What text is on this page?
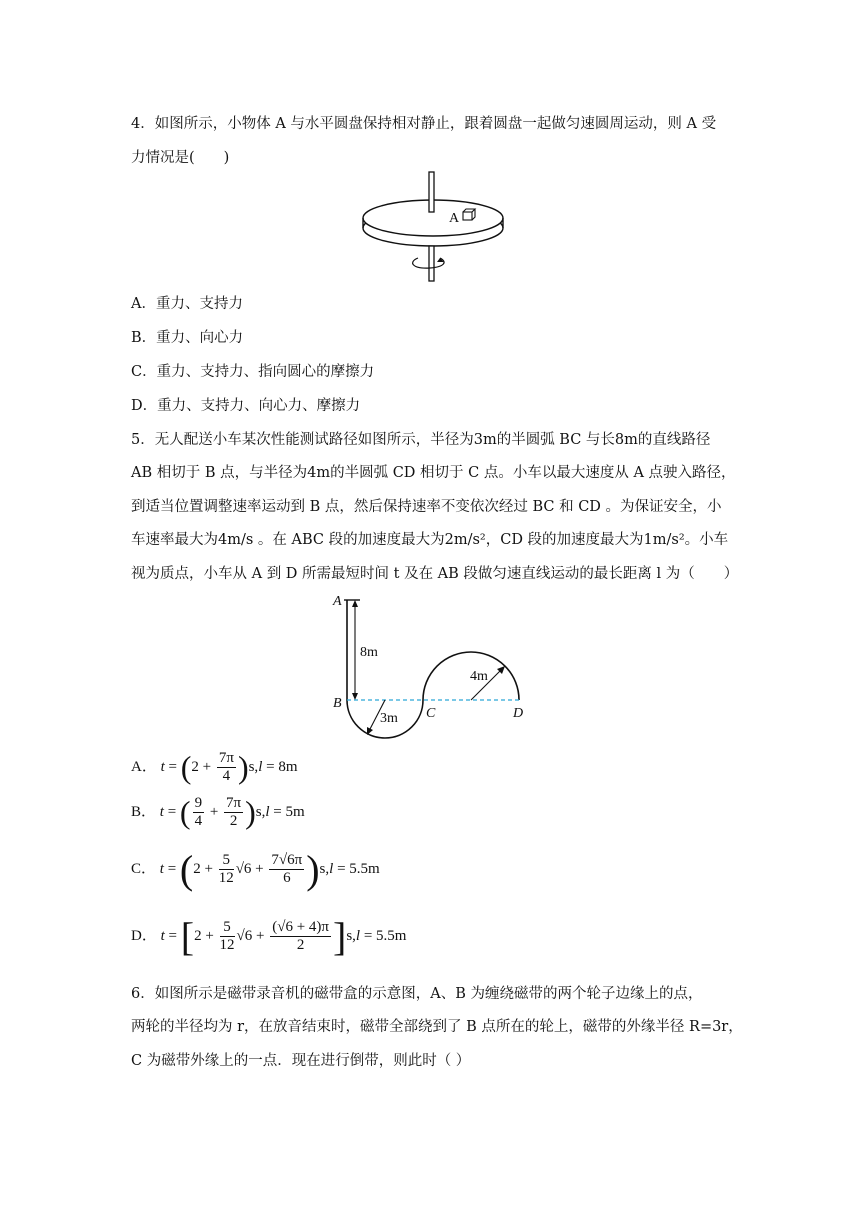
4．如图所示，小物体 A 与水平圆盘保持相对静止，跟着圆盘一起做匀速圆周运动，则 A 受
力情况是(　　)
A
A．重力、支持力
B．重力、向心力
C．重力、支持力、指向圆心的摩擦力
D．重力、支持力、向心力、摩擦力
5．无人配送小车某次性能测试路径如图所示，半径为3m的半圆弧 BC 与长8m的直线路径
AB 相切于 B 点，与半径为4m的半圆弧 CD 相切于 C 点。小车以最大速度从 A 点驶入路径，
到适当位置调整速率运动到 B 点，然后保持速率不变依次经过 BC 和 CD 。为保证安全，小
车速率最大为4m/s 。在 ABC 段的加速度最大为2m/s²，CD 段的加速度最大为1m/s²。小车
视为质点，小车从 A 到 D 所需最短时间 t 及在 AB 段做匀速直线运动的最长距离 l 为（　　）
8m
3m
4m
A
B
C	D
A． $t = (2 + \frac{7\pi}{4} )s,l = 8m$
B． t = ( $\frac{9}{4} + \frac{7\pi}{2} )s,l = 5m$
C． $t = (2 + \frac{5}{12} √6 + \frac{7√6\pi}{6} )s,l = 5.5m$
D． $t = [2 + \frac{5}{12} √6 + \frac{(√6 + 4)\pi}{2} ]s,l = 5.5m$
6．如图所示是磁带录音机的磁带盒的示意图，A、B 为缠绕磁带的两个轮子边缘上的点，
两轮的半径均为 r，在放音结束时，磁带全部绕到了 B 点所在的轮上，磁带的外缘半径 R=3r，
C 为磁带外缘上的一点．现在进行倒带，则此时（ ）
